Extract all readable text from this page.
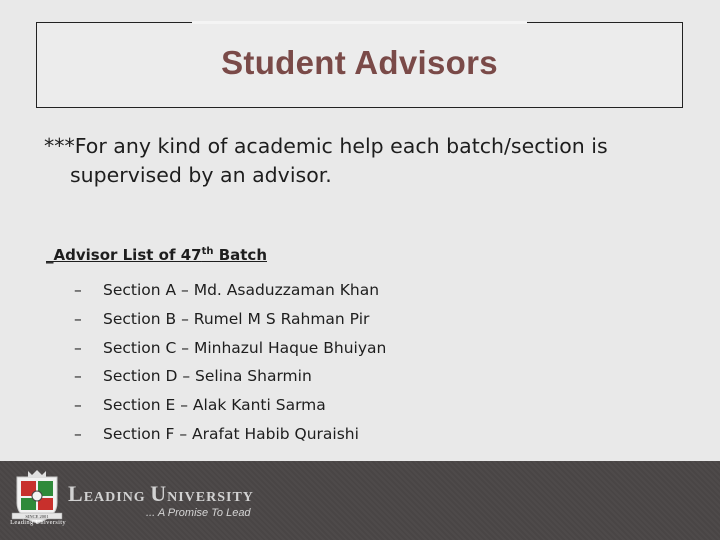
Student Advisors
***For any kind of academic help each batch/section is
supervised by an advisor.
_Advisor List of 47th Batch
–	Section A – Md. Asaduzzaman Khan
–	Section B – Rumel M S Rahman Pir
–	Section C – Minhazul Haque Bhuiyan
–	Section D – Selina Sharmin
–	Section E – Alak Kanti Sarma
–	Section F – Arafat Habib Quraishi
SINCE 2001
Leading University
LEADING UNIVERSITY
... A Promise To Lead
